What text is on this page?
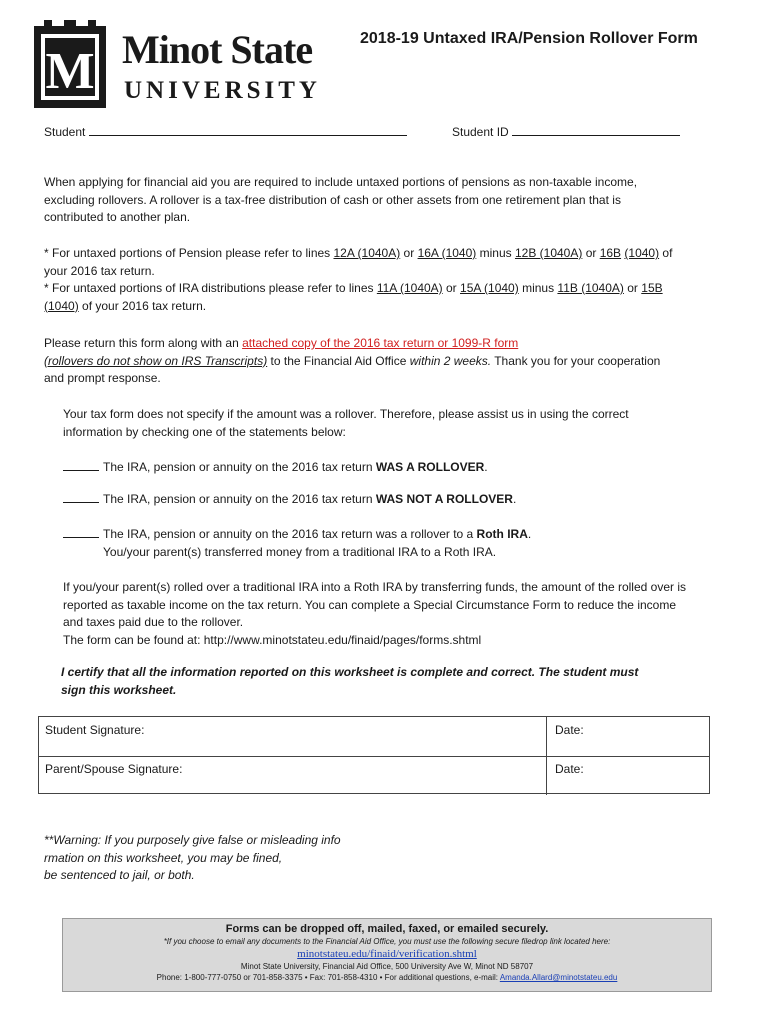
M Minot State
UNIVERSITY
2018-19 Untaxed IRA/Pension Rollover Form
Student	Student ID

When applying for financial aid you are required to include untaxed portions of pensions as non-taxable income,

excluding rollovers. A rollover is a tax-free distribution of cash or other assets from one retirement plan that is

contributed to another plan.

* For untaxed portions of Pension please refer to lines 12A (1040A) or 16A (1040) minus 12B (1040A) or 16B (1040) of

your 2016 tax return.

* For untaxed portions of IRA distributions please refer to lines 11A (1040A) or 15A (1040) minus 11B (1040A) or 15B

(1040) of your 2016 tax return.

Please return this form along with an attached copy of the 2016 tax return or 1099-R form

(rollovers do not show on IRS Transcripts) to the Financial Aid Office within 2 weeks. Thank you for your cooperation

and prompt response.

Your tax form does not specify if the amount was a rollover. Therefore, please assist us in using the correct

information by checking one of the statements below:

The IRA, pension or annuity on the 2016 tax return WAS A ROLLOVER.

The IRA, pension or annuity on the 2016 tax return WAS NOT A ROLLOVER.

The IRA, pension or annuity on the 2016 tax return was a rollover to a Roth IRA.

You/your parent(s) transferred money from a traditional IRA to a Roth IRA.

If you/your parent(s) rolled over a traditional IRA into a Roth IRA by transferring funds, the amount of the rolled over is

reported as taxable income on the tax return. You can complete a Special Circumstance Form to reduce the income

and taxes paid due to the rollover.

The form can be found at: http://www.minotstateu.edu/finaid/pages/forms.shtml

I certify that all the information reported on this worksheet is complete and correct. The student must

sign this worksheet.

Student Signature:	Date:
Parent/Spouse Signature:	Date:

**Warning: If you purposely give false or misleading info

rmation on this worksheet, you may be fined,

be sentenced to jail, or both.

Forms can be dropped off, mailed, faxed, or emailed securely.
*If you choose to email any documents to the Financial Aid Office, you must use the following secure filedrop link located here:
minotstateu.edu/finaid/verification.shtml
Minot State University, Financial Aid Office, 500 University Ave W, Minot ND 58707
Phone: 1-800-777-0750 or 701-858-3375 • Fax: 701-858-4310 • For additional questions, e-mail: Amanda.Allard@minotstateu.edu
